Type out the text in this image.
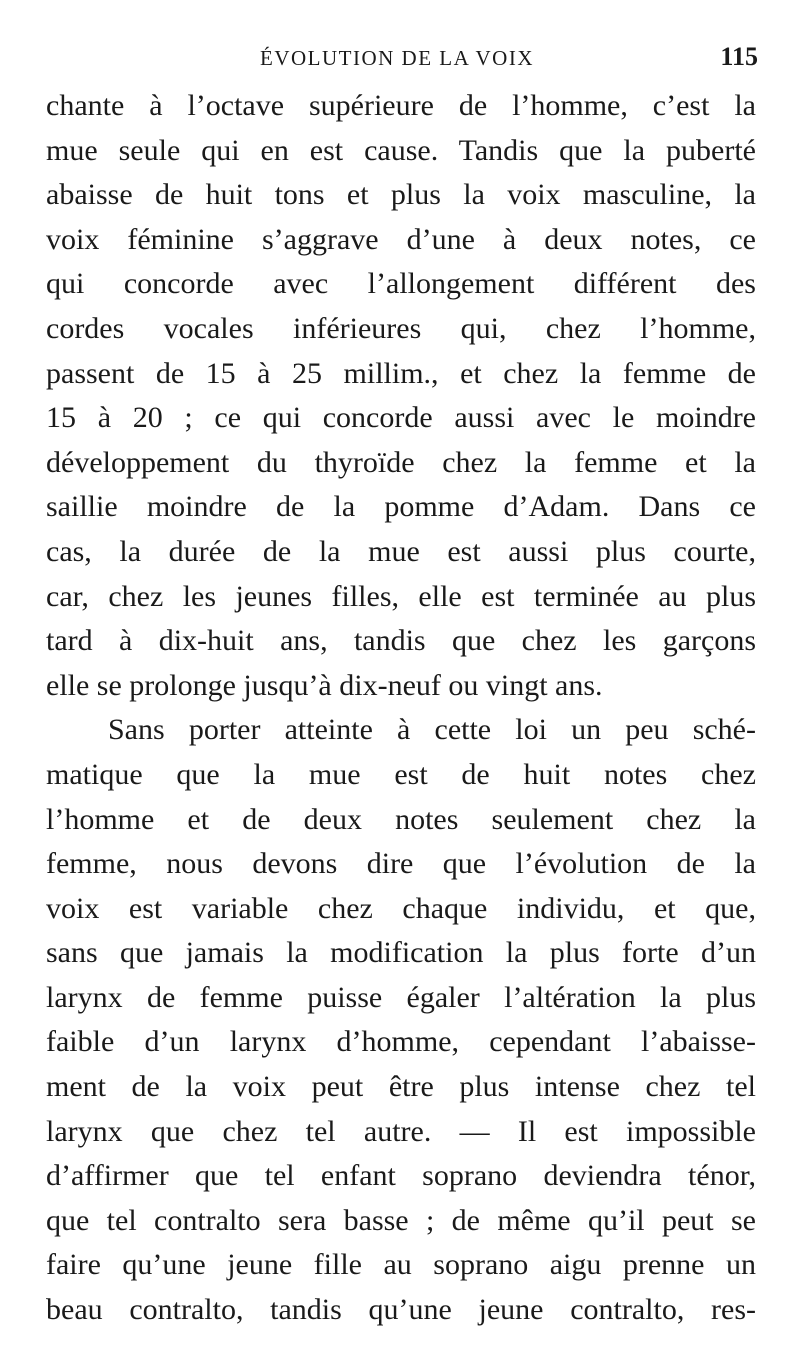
ÉVOLUTION DE LA VOIX	115
chante à l’octave supérieure de l’homme, c’est la
mue seule qui en est cause. Tandis que la puberté
abaisse de huit tons et plus la voix masculine, la
voix féminine s’aggrave d’une à deux notes, ce
qui concorde avec l’allongement différent des
cordes vocales inférieures qui, chez l’homme,
passent de 15 à 25 millim., et chez la femme de
15 à 20 ; ce qui concorde aussi avec le moindre
développement du thyroïde chez la femme et la
saillie moindre de la pomme d’Adam. Dans ce
cas, la durée de la mue est aussi plus courte,
car, chez les jeunes filles, elle est terminée au plus
tard à dix-huit ans, tandis que chez les garçons
elle se prolonge jusqu’à dix-neuf ou vingt ans.
Sans porter atteinte à cette loi un peu sché-
matique que la mue est de huit notes chez
l’homme et de deux notes seulement chez la
femme, nous devons dire que l’évolution de la
voix est variable chez chaque individu, et que,
sans que jamais la modification la plus forte d’un
larynx de femme puisse égaler l’altération la plus
faible d’un larynx d’homme, cependant l’abaisse-
ment de la voix peut être plus intense chez tel
larynx que chez tel autre. — Il est impossible
d’affirmer que tel enfant soprano deviendra ténor,
que tel contralto sera basse ; de même qu’il peut se
faire qu’une jeune fille au soprano aigu prenne un
beau contralto, tandis qu’une jeune contralto, res-
